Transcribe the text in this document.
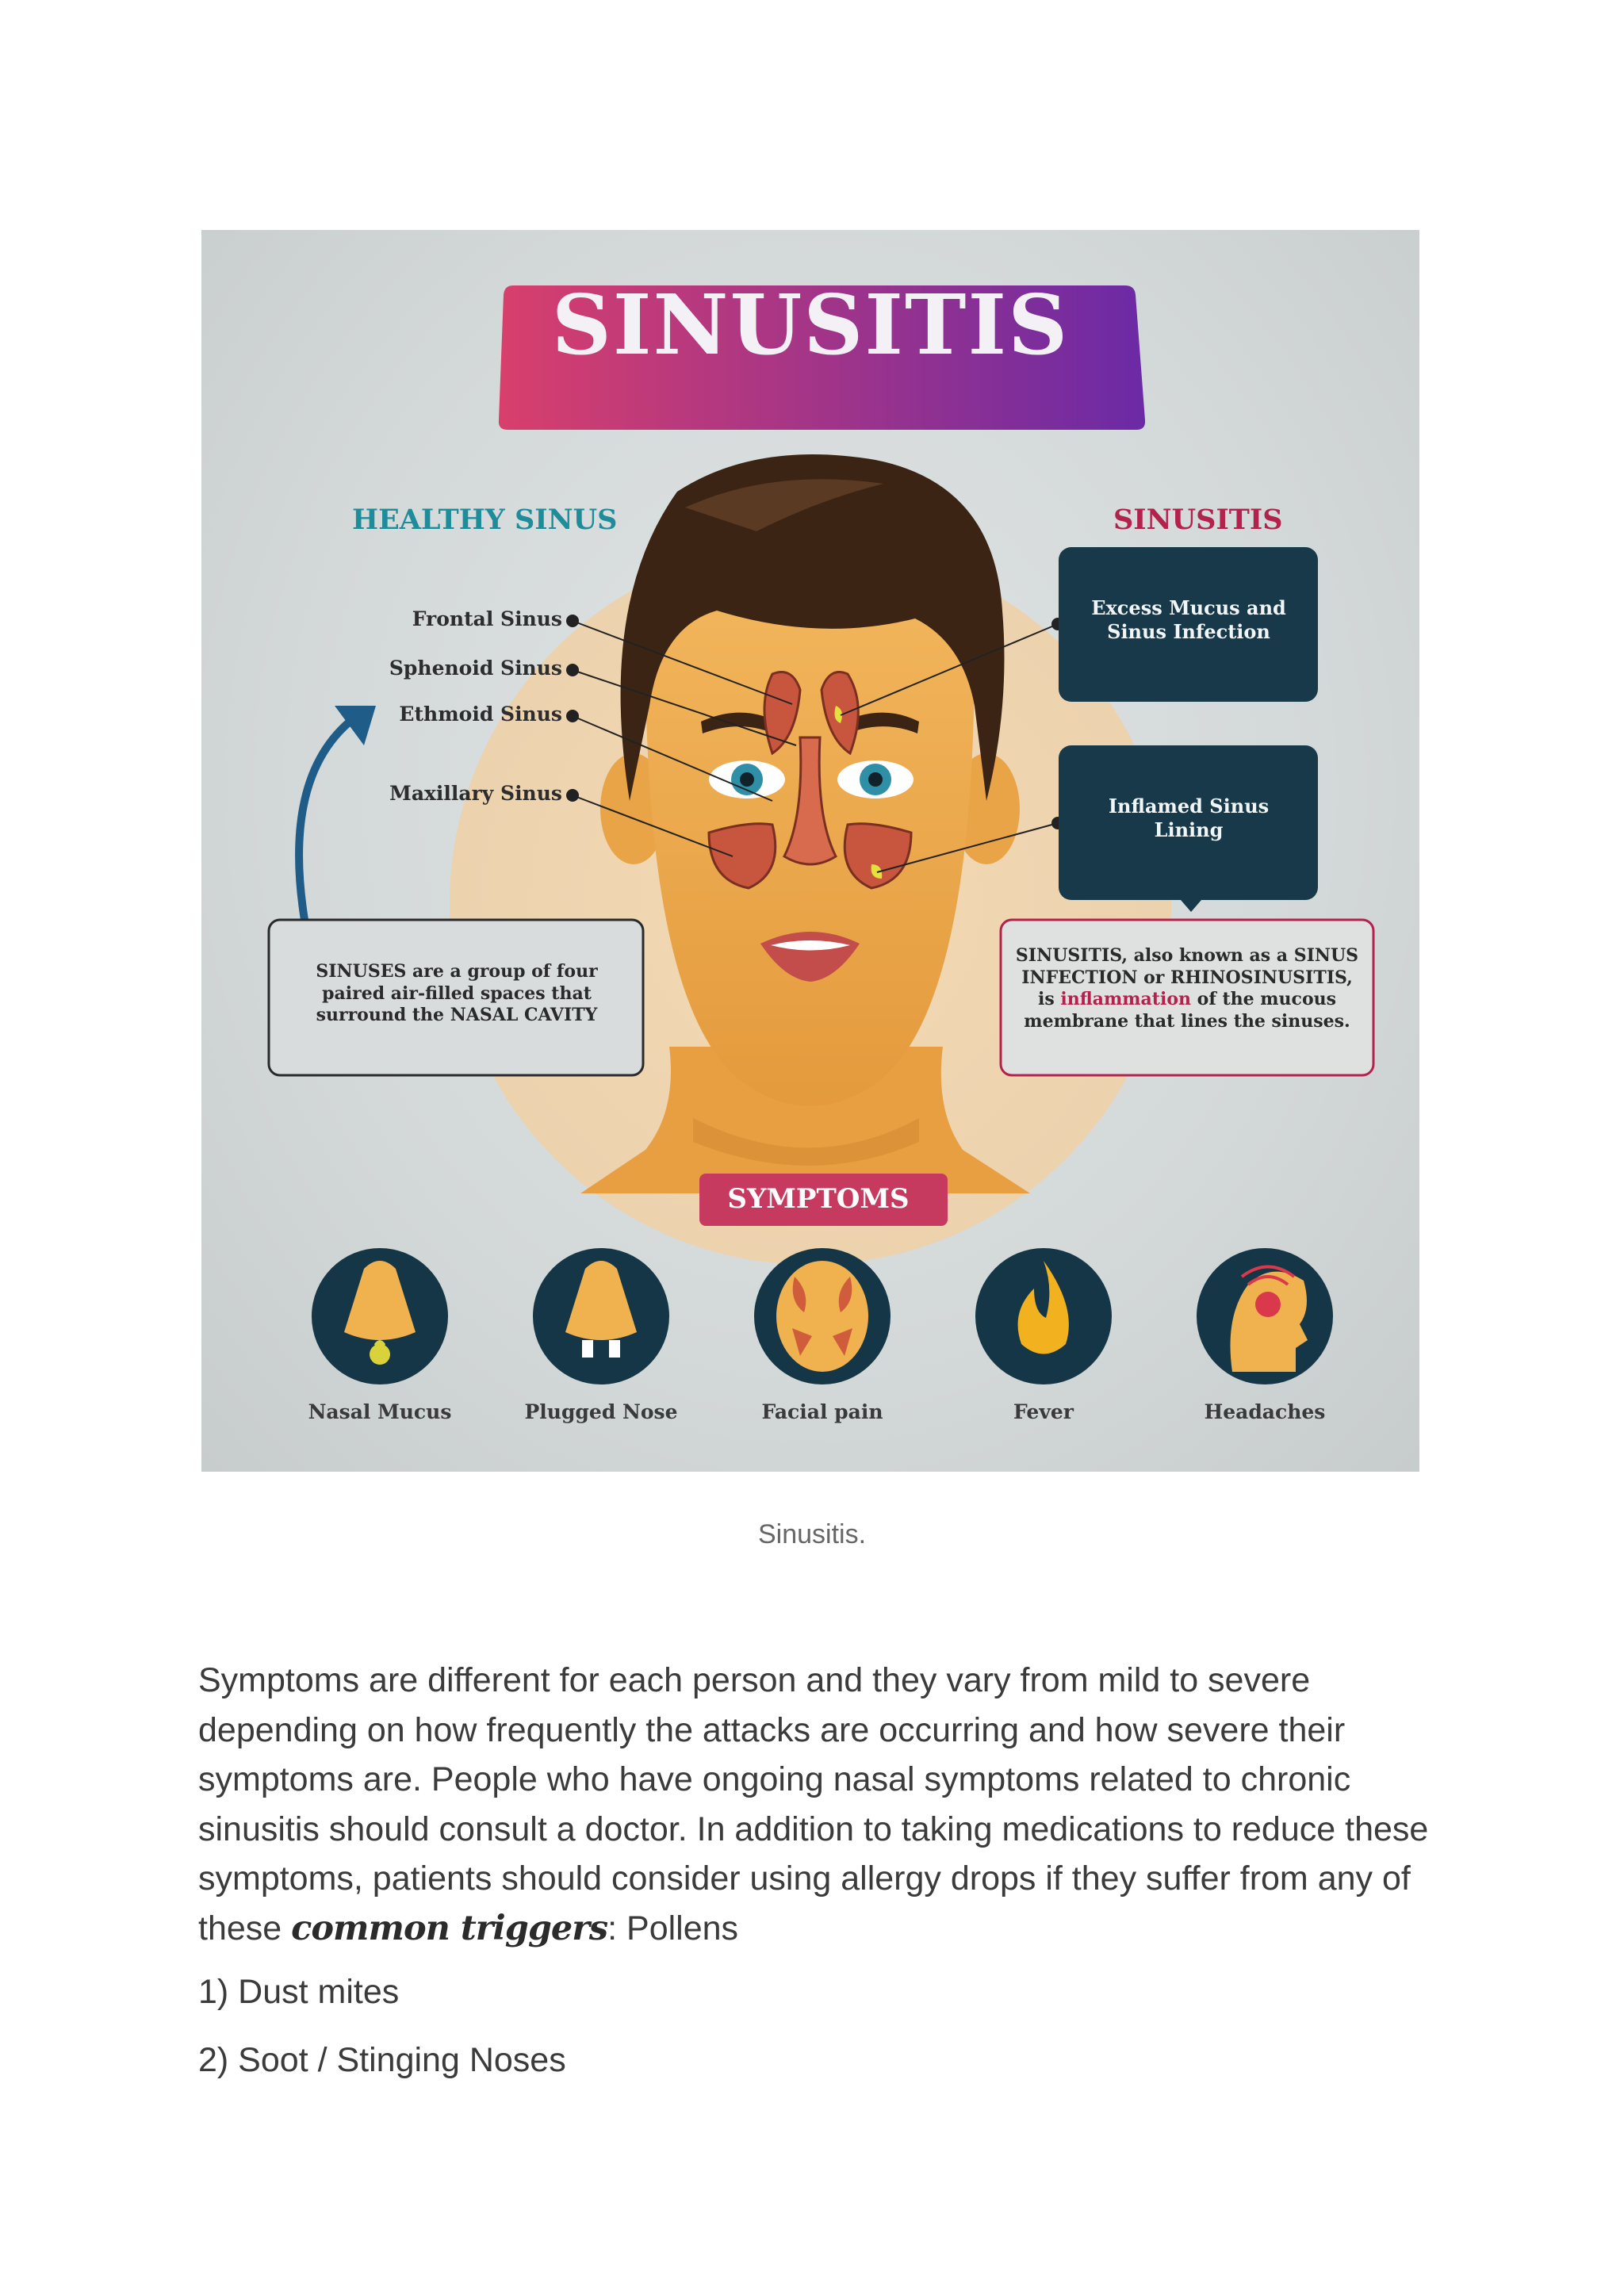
SINUSITIS
HEALTHY SINUS	SINUSITIS
Frontal Sinus
Sphenoid Sinus
Ethmoid Sinus
Maxillary Sinus
Excess Mucus and Sinus Infection
Inflamed Sinus Lining
SINUSES are a group of four paired air-filled spaces that surround the NASAL CAVITY
SINUSITIS, also known as a SINUS INFECTION or RHINOSINUSITIS, is inflammation of the mucous membrane that lines the sinuses.
SYMPTOMS
Nasal Mucus	Plugged Nose	Facial pain	Fever	Headaches
Sinusitis.

Symptoms are different for each person and they vary from mild to severe depending on how frequently the attacks are occurring and how severe their symptoms are. People who have ongoing nasal symptoms related to chronic sinusitis should consult a doctor. In addition to taking medications to reduce these symptoms, patients should consider using allergy drops if they suffer from any of these common triggers: Pollens

1) Dust mites
2) Soot / Stinging Noses
